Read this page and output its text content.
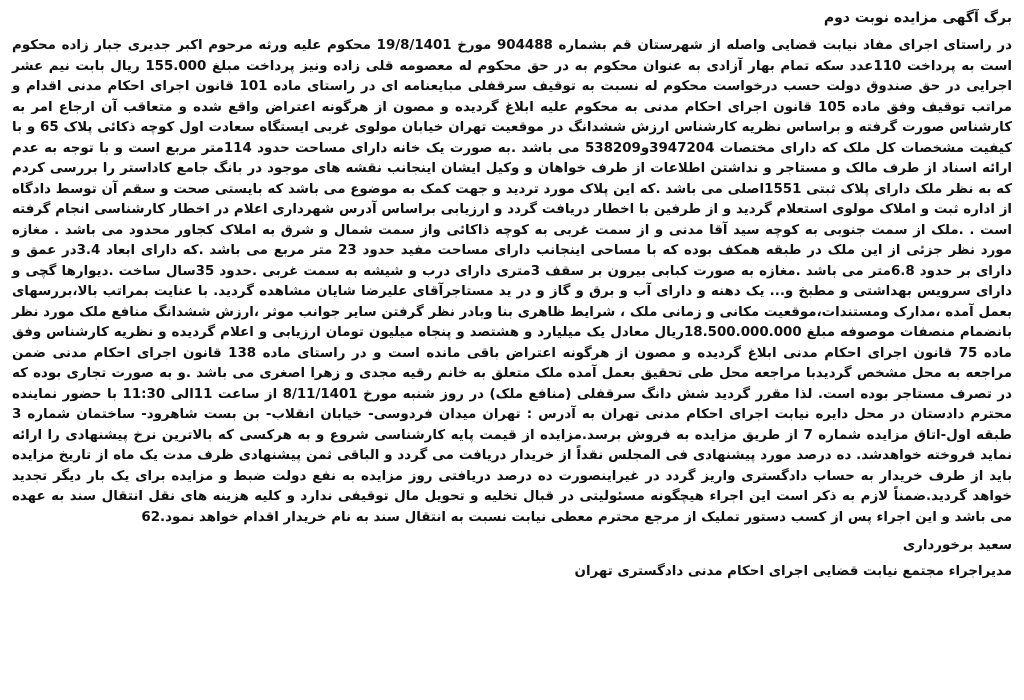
برگ آگهی مزایده نوبت دوم

در راستای اجرای مفاد نیابت قضایی واصله از شهرستان قم بشماره 904488 مورخ 19/8/1401 محکوم علیه ورثه مرحوم اکبر جدیری جبار زاده محکوم است به پرداخت 110عدد سکه تمام بهار آزادی به عنوان محکوم به در حق محکوم له معصومه قلی زاده ونیز پرداخت مبلغ 155.000 ریال بابت نیم عشر اجرایی در حق صندوق دولت حسب درخواست محکوم له نسبت به توقیف سرقفلی مبایعنامه ای در راستای ماده 101 قانون اجرای احکام مدنی اقدام و مراتب توقیف وفق ماده 105 قانون اجرای احکام مدنی به محکوم علیه ابلاغ گردیده و مصون از هرگونه اعتراض واقع شده و متعاقب آن ارجاع امر به کارشناس صورت گرفته و براساس نظریه کارشناس ارزش ششدانگ در موقعیت تهران خیابان مولوی غربی ایستگاه سعادت اول کوچه ذکائی پلاک 65 و با کیفیت مشخصات کل ملک که دارای مختصات 3947204و538209 می باشد .به صورت یک خانه دارای مساحت حدود 114متر مربع است و با توجه به عدم ارائه اسناد از طرف مالک و مستاجر و نداشتن اطلاعات از طرف خواهان و وکیل ایشان اینجانب نقشه های موجود در بانگ جامع کاداستر را بررسی کردم که به نظر ملک دارای پلاک ثبتی 1551اصلی می باشد .که این پلاک مورد تردید و جهت کمک به موضوع می باشد که بایستی صحت و سقم آن توسط دادگاه از اداره ثبت و املاک مولوی استعلام گردید و از طرفین با اخطار دریافت گردد و ارزیابی براساس آدرس شهرداری اعلام در اخطار کارشناسی انجام گرفته است . .ملک از سمت جنوبی به کوچه سید آقا مدنی و از سمت غربی به کوچه ذاکائی واز سمت شمال و شرق به املاک کجاور محدود می باشد . مغازه مورد نظر جزئی از این ملک در طبقه همکف بوده که با مساحی اینجانب دارای مساحت مفید حدود 23 متر مربع می باشد .که دارای ابعاد 3.4در عمق و دارای بر حدود 6.8متر می باشد .مغازه به صورت کبابی بیرون بر سقف 3متری دارای درب و شیشه به سمت غربی .حدود 35سال ساخت .دیوارها گچی و دارای سرویس بهداشتی و مطبخ و... یک دهنه و دارای آب و برق و گاز و در ید مستاجرآقای علیرضا شایان مشاهده گردید. با عنایت بمراتب بالا،بررسهای بعمل آمده ،مدارک ومستندات،موقعیت مکانی و زمانی ملک ، شرایط ظاهری بنا وبادر نظر گرفتن سایر جوانب موثر ،ارزش ششدانگ منافع ملک مورد نظر بانضمام منصفات موصوفه مبلغ 18.500.000.000ریال معادل یک میلیارد و هشتصد و پنجاه میلیون تومان ارزیابی و اعلام گردیده و نظریه کارشناس وفق ماده 75 قانون اجرای احکام مدنی ابلاغ گردیده و مصون از هرگونه اعتراض باقی مانده است و در راستای ماده 138 قانون اجرای احکام مدنی ضمن مراجعه به محل مشخص گردیدبا مراجعه محل طی تحقیق بعمل آمده ملک متعلق به خانم رقیه مجدی و زهرا اصغری می باشد .و به صورت تجاری بوده که در تصرف مستاجر بوده است. لذا مقرر گردید شش دانگ سرقفلی (منافع ملک) در روز شنبه مورخ 8/11/1401 از ساعت 11الی 11:30 با حضور نماینده محترم دادستان در محل دایره نیابت اجرای احکام مدنی تهران به آدرس : تهران میدان فردوسی- خیابان انقلاب- بن بست شاهرود- ساختمان شماره 3 طبقه اول-اتاق مزایده شماره 7 از طریق مزایده به فروش برسد.مزایده از قیمت پایه کارشناسی شروع و به هرکسی که بالاترین نرخ پیشنهادی را ارائه نماید فروخته خواهدشد. ده درصد مورد پیشنهادی فی المجلس نقداً از خریدار دریافت می گردد و الباقی ثمن پیشنهادی ظرف مدت یک ماه از تاریخ مزایده باید از طرف خریدار به حساب دادگستری واریز گردد در غیراینصورت ده درصد دریافتی روز مزایده به نفع دولت ضبط و مزایده برای یک بار دیگر تجدید خواهد گردید.ضمناً لازم به ذکر است این اجراء هیچگونه مسئولیتی در قبال تخلیه و تحویل مال توقیفی ندارد و کلیه هزینه های نقل انتقال سند به عهده می باشد و این اجراء پس از کسب دستور تملیک از مرجع محترم معطی نیابت نسبت به انتقال سند به نام خریدار اقدام خواهد نمود.62

سعید برخورداری
مدیراجراء مجتمع نیابت قضایی اجرای احکام مدنی دادگستری تهران
